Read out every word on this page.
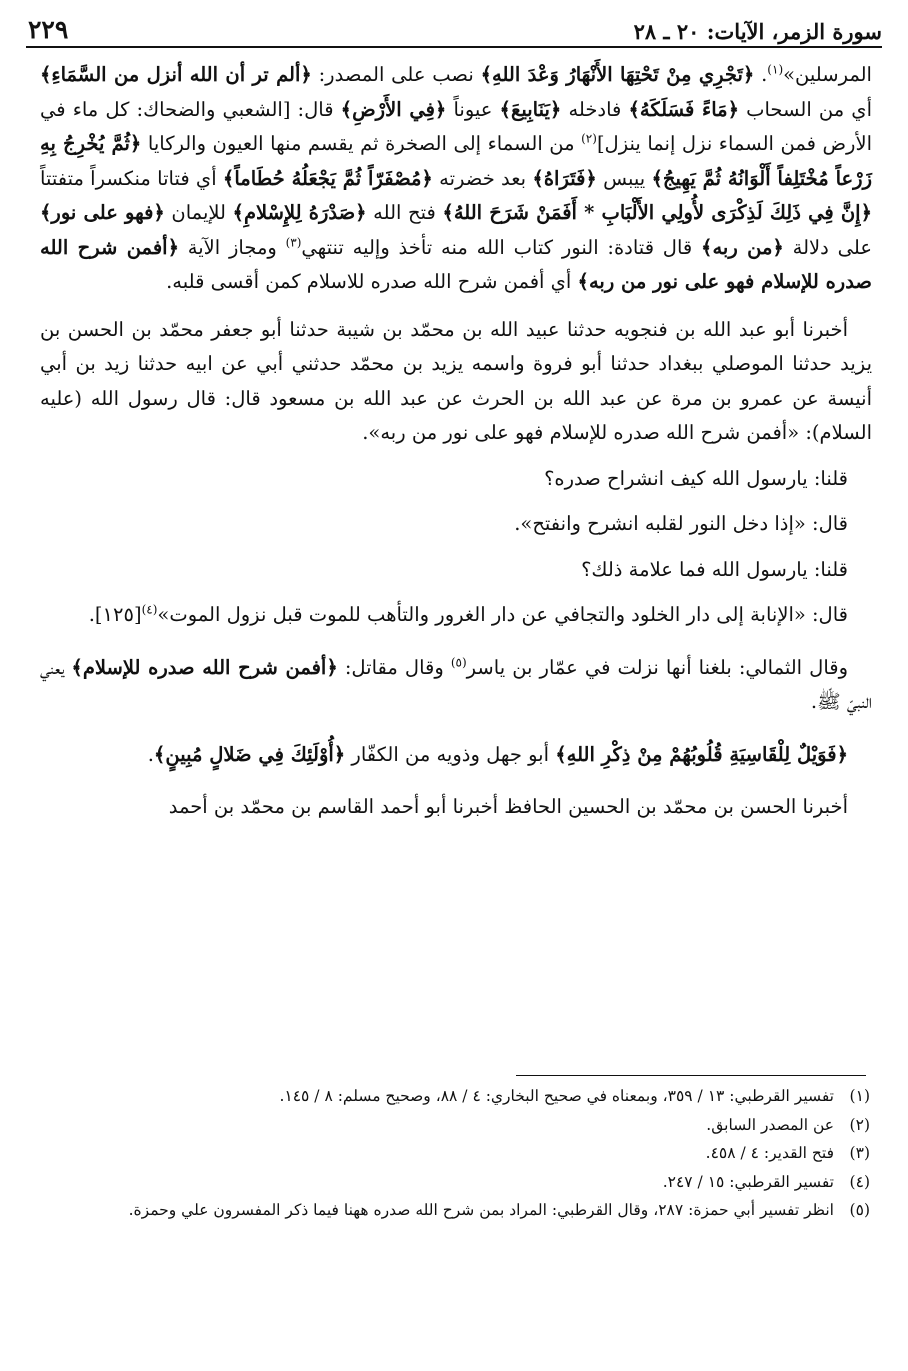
سورة الزمر، الآيات: ٢٠ ـ ٢٨
٢٢٩

المرسلين»$^{(١)}$. ﴿تَجْرِي مِنْ تَحْتِهَا الأَنْهَارُ وَعْدَ اللهِ﴾ نصب على المصدر: ﴿ألم تر أن الله أنزل من السَّمَاءِ﴾ أي من السحاب ﴿مَاءً فَسَلَكَهُ﴾ فادخله ﴿يَنَابِيعَ﴾ عيوناً ﴿فِي الأَرْضِ﴾ قال: [الشعبي والضحاك: كل ماء في الأرض فمن السماء نزل إنما ينزل]$^{(٢)}$ من السماء إلى الصخرة ثم يقسم منها العيون والركايا ﴿ثُمَّ يُخْرِجُ بِهِ زَرْعاً مُخْتَلِفاً أَلْوَانُهُ ثُمَّ يَهِيجُ﴾ ييبس ﴿فَتَرَاهُ﴾ بعد خضرته ﴿مُصْفَرّاً ثُمَّ يَجْعَلُهُ حُطَاماً﴾ أي فتاتا منكسراً متفتتاً ﴿إِنَّ فِي ذَلِكَ لَذِكْرَى لأُولِي الأَلْبَابِ * أَفَمَنْ شَرَحَ اللهُ﴾ فتح الله ﴿صَدْرَهُ لِلإِسْلامِ﴾ للإيمان ﴿فهو على نور﴾ على دلالة ﴿من ربه﴾ قال قتادة: النور كتاب الله منه تأخذ وإليه تنتهي$^{(٣)}$ ومجاز الآية ﴿أفمن شرح الله صدره للإسلام فهو على نور من ربه﴾ أي أفمن شرح الله صدره للاسلام كمن أقسى قلبه.

أخبرنا أبو عبد الله بن فنجويه حدثنا عبيد الله بن محمّد بن شيبة حدثنا أبو جعفر محمّد بن الحسن بن يزيد حدثنا الموصلي ببغداد حدثنا أبو فروة واسمه يزيد بن محمّد حدثني أبي عن ابيه حدثنا زيد بن أبي أنيسة عن عمرو بن مرة عن عبد الله بن الحرث عن عبد الله بن مسعود قال: قال رسول الله (عليه السلام): «أفمن شرح الله صدره للإسلام فهو على نور من ربه».

قلنا: يارسول الله كيف انشراح صدره؟

قال: «إذا دخل النور لقلبه انشرح وانفتح».

قلنا: يارسول الله فما علامة ذلك؟

قال: «الإنابة إلى دار الخلود والتجافي عن دار الغرور والتأهب للموت قبل نزول الموت»$^{(٤)}$[١٢٥].

وقال الثمالي: بلغنا أنها نزلت في عمّار بن ياسر$^{(٥)}$ وقال مقاتل: ﴿أفمن شرح الله صدره للإسلام﴾ يعني النبيّ ﷺ.

﴿فَوَيْلٌ لِلْقَاسِيَةِ قُلُوبُهُمْ مِنْ ذِكْرِ اللهِ﴾ أبو جهل وذويه من الكفّار ﴿أُوْلَئِكَ فِي ضَلالٍ مُبِينٍ﴾.

أخبرنا الحسن بن محمّد بن الحسين الحافظ أخبرنا أبو أحمد القاسم بن محمّد بن أحمد

(١)
تفسير القرطبي: ١٣ / ٣٥٩، وبمعناه في صحيح البخاري: ٤ / ٨٨، وصحيح مسلم: ٨ / ١٤٥.
(٢)
عن المصدر السابق.
(٣)
فتح القدير: ٤ / ٤٥٨.
(٤)
تفسير القرطبي: ١٥ / ٢٤٧.
(٥)
انظر تفسير أبي حمزة: ٢٨٧، وقال القرطبي: المراد بمن شرح الله صدره ههنا فيما ذكر المفسرون علي وحمزة.
